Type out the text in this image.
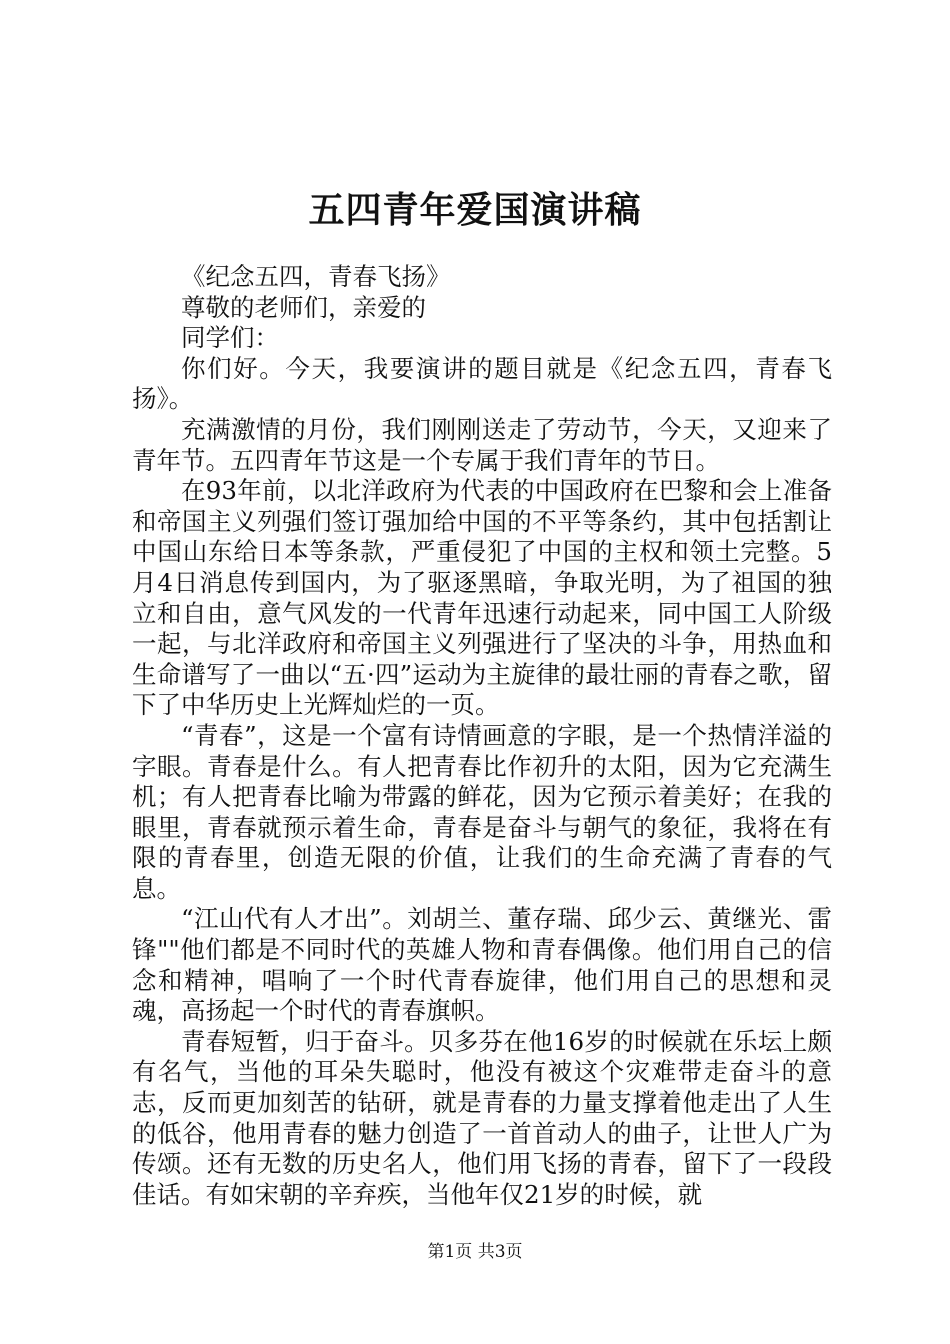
五四青年爱国演讲稿

《纪念五四，青春飞扬》

尊敬的老师们，亲爱的

同学们：

你们好。今天，我要演讲的题目就是《纪念五四，青春飞扬》。

充满激情的月份，我们刚刚送走了劳动节，今天，又迎来了青年节。五四青年节这是一个专属于我们青年的节日。

在93年前，以北洋政府为代表的中国政府在巴黎和会上准备和帝国主义列强们签订强加给中国的不平等条约，其中包括割让中国山东给日本等条款，严重侵犯了中国的主权和领土完整。5月4日消息传到国内，为了驱逐黑暗，争取光明，为了祖国的独立和自由，意气风发的一代青年迅速行动起来，同中国工人阶级一起，与北洋政府和帝国主义列强进行了坚决的斗争，用热血和生命谱写了一曲以“五·四”运动为主旋律的最壮丽的青春之歌，留下了中华历史上光辉灿烂的一页。

“青春”，这是一个富有诗情画意的字眼，是一个热情洋溢的字眼。青春是什么。有人把青春比作初升的太阳，因为它充满生机；有人把青春比喻为带露的鲜花，因为它预示着美好；在我的眼里，青春就预示着生命，青春是奋斗与朝气的象征，我将在有限的青春里，创造无限的价值，让我们的生命充满了青春的气息。

“江山代有人才出”。刘胡兰、董存瑞、邱少云、黄继光、雷锋""他们都是不同时代的英雄人物和青春偶像。他们用自己的信念和精神，唱响了一个时代青春旋律，他们用自己的思想和灵魂，高扬起一个时代的青春旗帜。

青春短暂，归于奋斗。贝多芬在他16岁的时候就在乐坛上颇有名气，当他的耳朵失聪时，他没有被这个灾难带走奋斗的意志，反而更加刻苦的钻研，就是青春的力量支撑着他走出了人生的低谷，他用青春的魅力创造了一首首动人的曲子，让世人广为传颂。还有无数的历史名人，他们用飞扬的青春，留下了一段段佳话。有如宋朝的辛弃疾，当他年仅21岁的时候，就

第1页 共3页
